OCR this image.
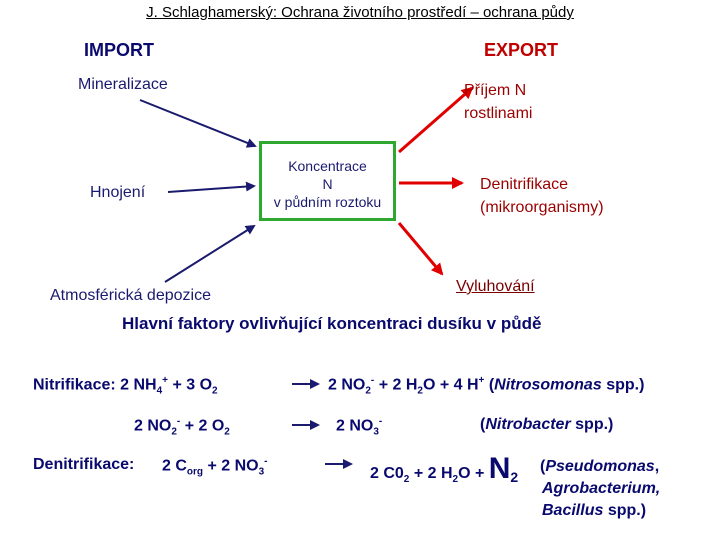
J. Schlaghamerský: Ochrana životního prostředí – ochrana půdy
IMPORT	EXPORT
Mineralizace
Hnojení
Atmosférická depozice
Koncentrace
N
v půdním roztoku
Příjem N
rostlinami
Denitrifikace
(mikroorganismy)
Vyluhování
Hlavní faktory ovlivňující koncentraci dusíku v půdě
Nitrifikace: 2 $NH_4^+ + 3$ $O_2$	2 $NO_2^- + 2$ $H_2O + 4$ H+ (Nitrosomonas spp.)
2 $NO_2^- + 2$ $O_2$	2 $NO_3^-$	(Nitrobacter spp.)
Denitrifikace: 2 $C_{org} + 2$ $NO_3^-$
2 $C0_2 + 2$ $H_2O + N_2$
(Pseudomonas,
Agrobacterium,
Bacillus spp.)
